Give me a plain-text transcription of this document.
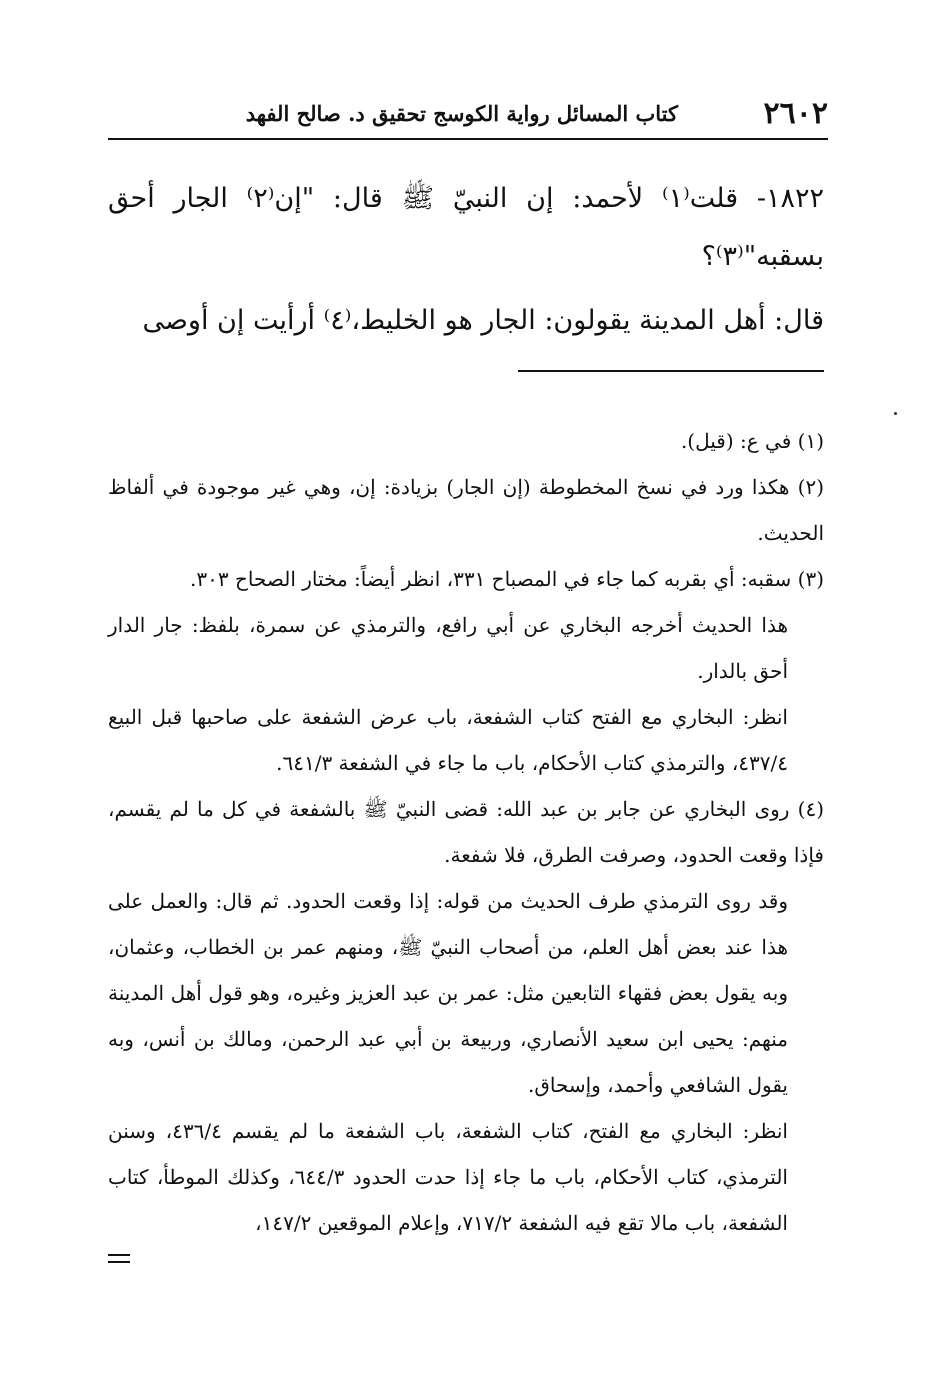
٢٦٠٢
كتاب المسائل رواية الكوسج تحقيق د. صالح الفهد

١٨٢٢- قلت⁽١⁾ لأحمد: إن النبيّ ﷺ قال: "إن⁽٢⁾ الجار أحق بسقبه"⁽٣⁾؟

قال: أهل المدينة يقولون: الجار هو الخليط،⁽٤⁾ أرأيت إن أوصى

(١) في ع: (قيل).

(٢) هكذا ورد في نسخ المخطوطة (إن الجار) بزيادة: إن، وهي غير موجودة في ألفاظ الحديث.

(٣) سقبه: أي بقربه كما جاء في المصباح ٣٣١، انظر أيضاً: مختار الصحاح ٣٠٣.

هذا الحديث أخرجه البخاري عن أبي رافع، والترمذي عن سمرة، بلفظ: جار الدار أحق بالدار.

انظر: البخاري مع الفتح كتاب الشفعة، باب عرض الشفعة على صاحبها قبل البيع ٤٣٧/٤، والترمذي كتاب الأحكام، باب ما جاء في الشفعة ٦٤١/٣.

(٤) روى البخاري عن جابر بن عبد الله: قضى النبيّ ﷺ بالشفعة في كل ما لم يقسم، فإذا وقعت الحدود، وصرفت الطرق، فلا شفعة.

وقد روى الترمذي طرف الحديث من قوله: إذا وقعت الحدود. ثم قال: والعمل على هذا عند بعض أهل العلم، من أصحاب النبيّ ﷺ، ومنهم عمر بن الخطاب، وعثمان، وبه يقول بعض فقهاء التابعين مثل: عمر بن عبد العزيز وغيره، وهو قول أهل المدينة منهم: يحيى ابن سعيد الأنصاري، وربيعة بن أبي عبد الرحمن، ومالك بن أنس، وبه يقول الشافعي وأحمد، وإسحاق.

انظر: البخاري مع الفتح، كتاب الشفعة، باب الشفعة ما لم يقسم ٤٣٦/٤، وسنن الترمذي، كتاب الأحكام، باب ما جاء إذا حدت الحدود ٦٤٤/٣، وكذلك الموطأ، كتاب الشفعة، باب مالا تقع فيه الشفعة ٧١٧/٢، وإعلام الموقعين ١٤٧/٢،
